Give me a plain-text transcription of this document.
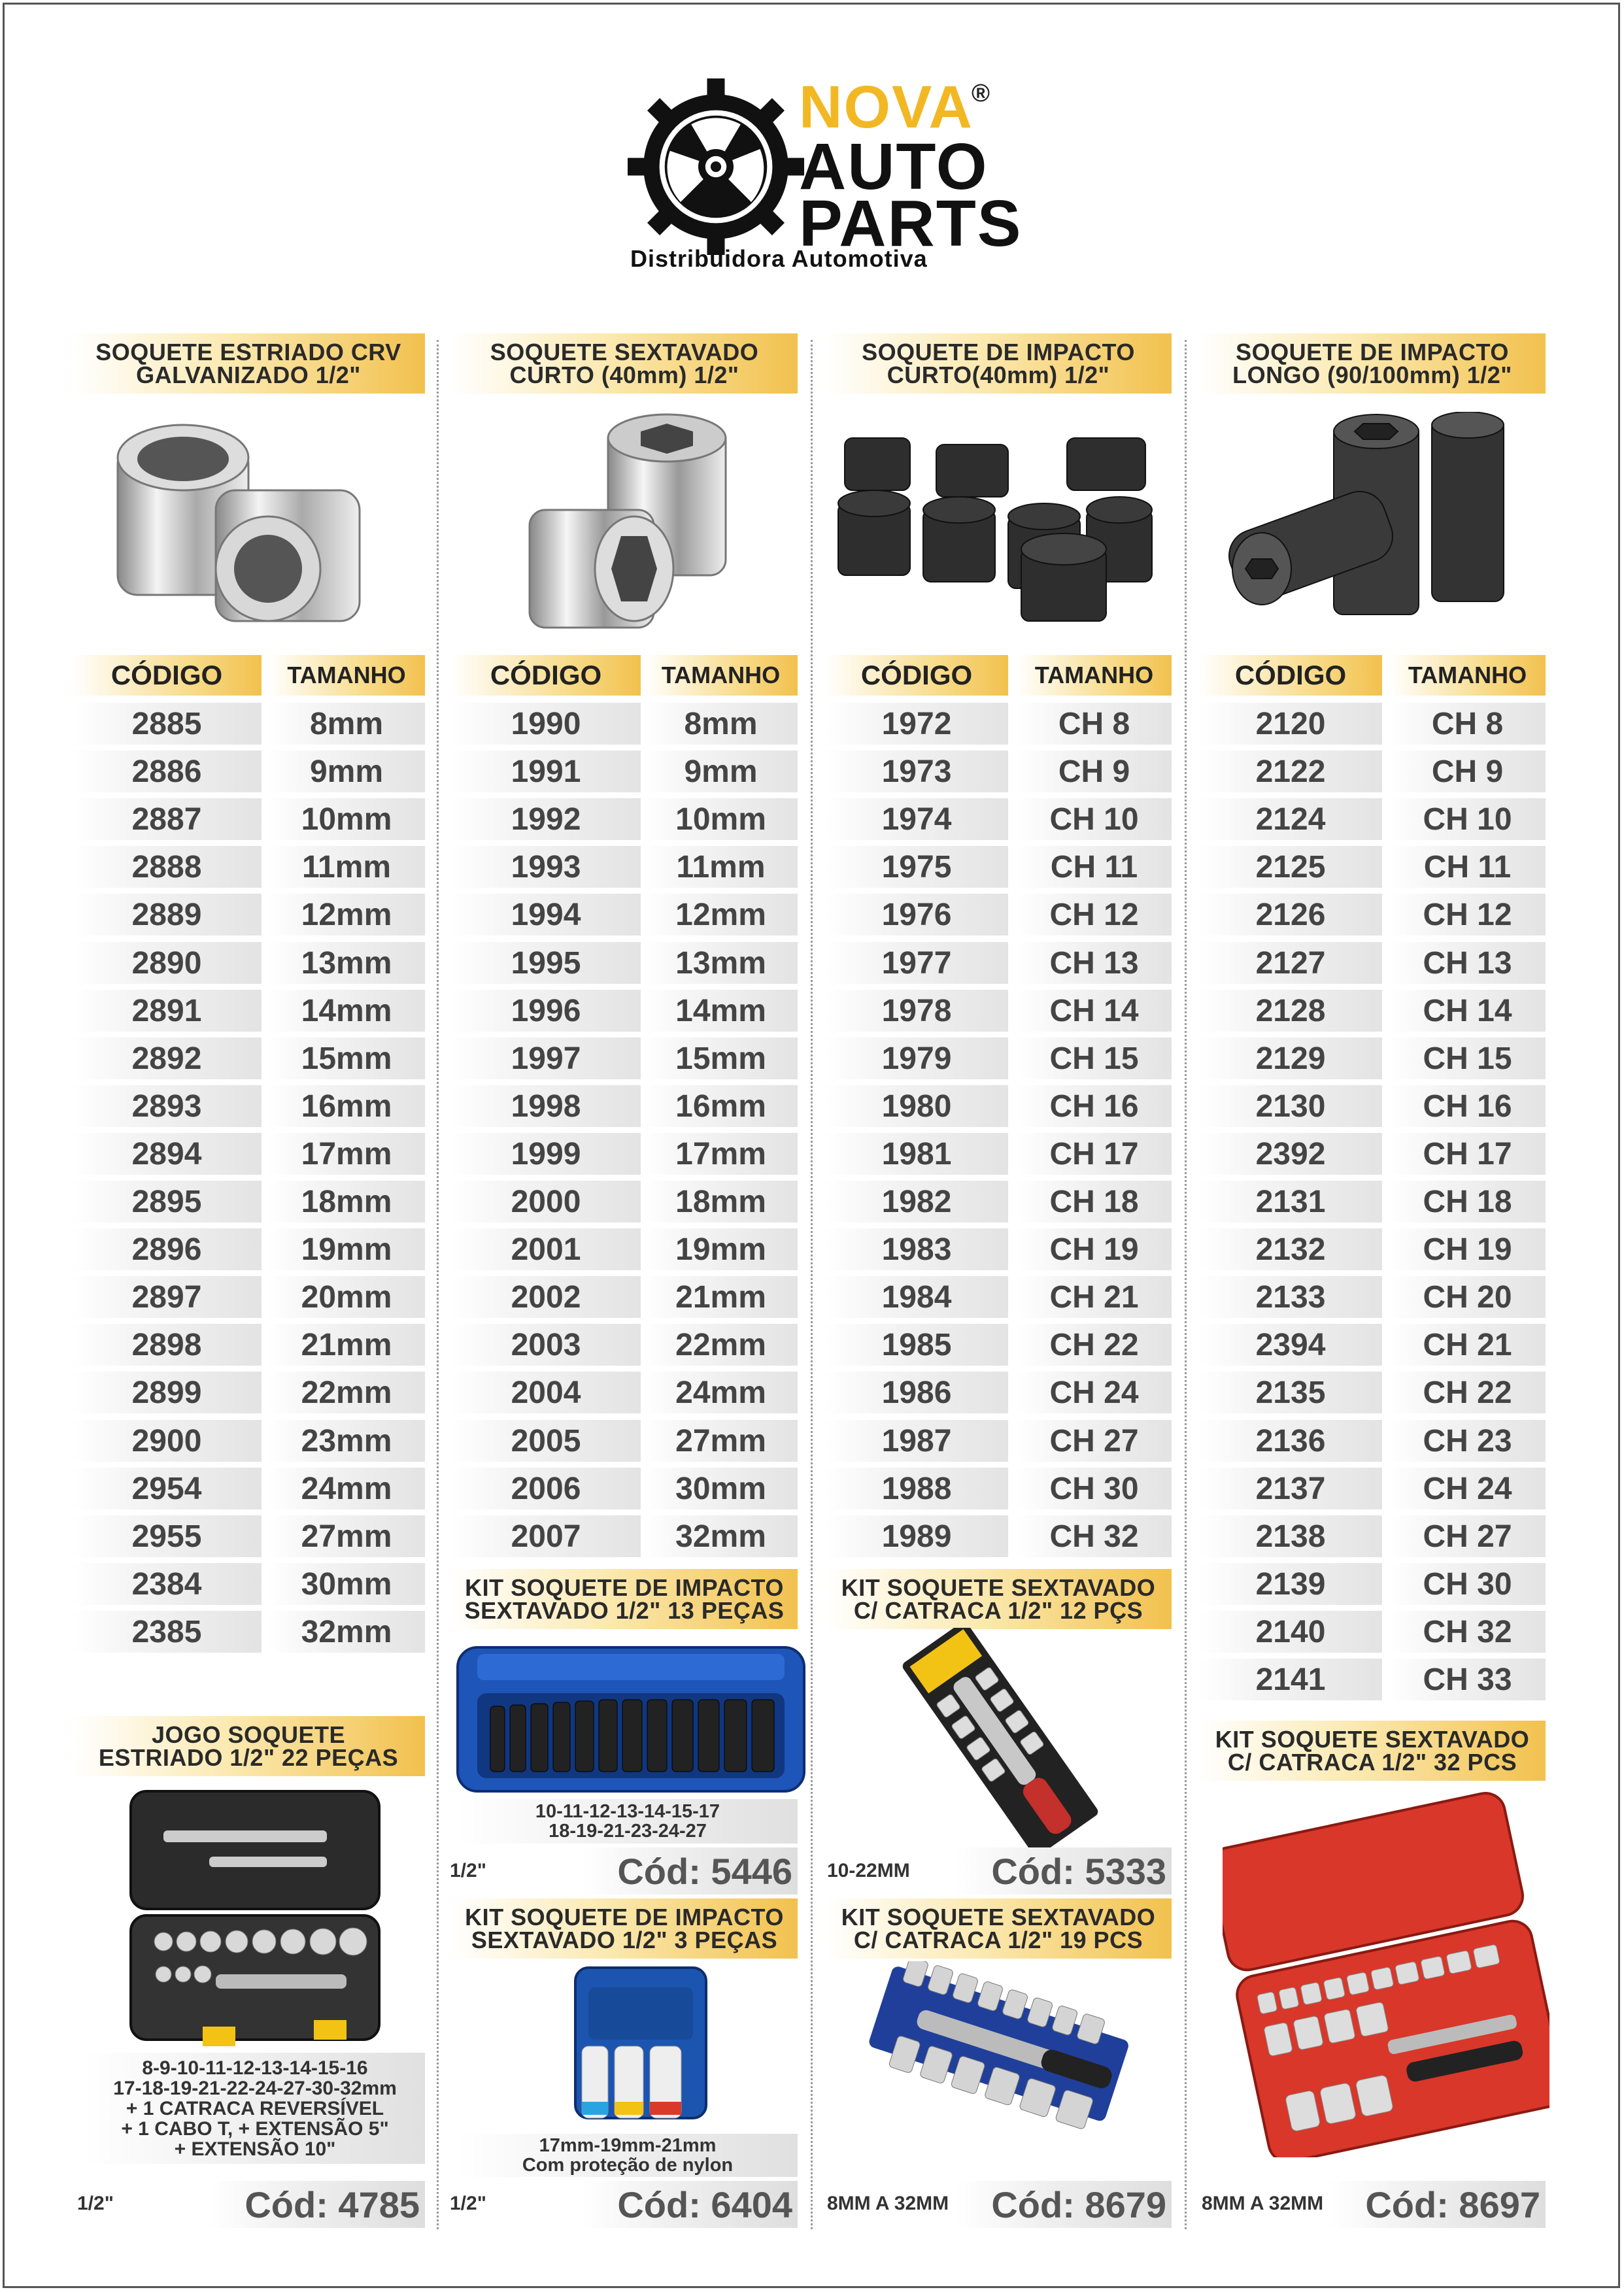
NOVA
®
AUTO
PARTS
Distribuidora Automotiva
SOQUETE ESTRIADO CRV
GALVANIZADO 1/2"
SOQUETE SEXTAVADO
CURTO (40mm) 1/2"
SOQUETE DE IMPACTO
CURTO(40mm) 1/2"
SOQUETE DE IMPACTO
LONGO (90/100mm) 1/2"
CÓDIGO	TAMANHO	CÓDIGO	TAMANHO	CÓDIGO	TAMANHO	CÓDIGO	TAMANHO
2885	8mm
2886	9mm
2887	10mm
2888	11mm
2889	12mm
2890	13mm
2891	14mm
2892	15mm
2893	16mm
2894	17mm
2895	18mm
2896	19mm
2897	20mm
2898	21mm
2899	22mm
2900	23mm
2954	24mm
2955	27mm
2384	30mm
2385	32mm
1990	8mm
1991	9mm
1992	10mm
1993	11mm
1994	12mm
1995	13mm
1996	14mm
1997	15mm
1998	16mm
1999	17mm
2000	18mm
2001	19mm
2002	21mm
2003	22mm
2004	24mm
2005	27mm
2006	30mm
2007	32mm
1972	CH 8
1973	CH 9
1974	CH 10
1975	CH 11
1976	CH 12
1977	CH 13
1978	CH 14
1979	CH 15
1980	CH 16
1981	CH 17
1982	CH 18
1983	CH 19
1984	CH 21
1985	CH 22
1986	CH 24
1987	CH 27
1988	CH 30
1989	CH 32
2120	CH 8
2122	CH 9
2124	CH 10
2125	CH 11
2126	CH 12
2127	CH 13
2128	CH 14
2129	CH 15
2130	CH 16
2392	CH 17
2131	CH 18
2132	CH 19
2133	CH 20
2394	CH 21
2135	CH 22
2136	CH 23
2137	CH 24
2138	CH 27
2139	CH 30
2140	CH 32
2141	CH 33
JOGO SOQUETE
ESTRIADO 1/2" 22 PEÇAS
8-9-10-11-12-13-14-15-16
17-18-19-21-22-24-27-30-32mm
+ 1 CATRACA REVERSÍVEL
+ 1 CABO T, + EXTENSÃO 5"
+ EXTENSÃO 10"
1/2"	Cód: 4785
KIT SOQUETE DE IMPACTO
SEXTAVADO 1/2" 13 PEÇAS
10-11-12-13-14-15-17
18-19-21-23-24-27
1/2"	Cód: 5446
KIT SOQUETE DE IMPACTO
SEXTAVADO 1/2" 3 PEÇAS
17mm-19mm-21mm
Com proteção de nylon
1/2"	Cód: 6404
KIT SOQUETE SEXTAVADO
C/ CATRACA 1/2" 12 PÇS
10-22MM	Cód: 5333
KIT SOQUETE SEXTAVADO
C/ CATRACA 1/2" 19 PCS
8MM A 32MM	Cód: 8679
KIT SOQUETE SEXTAVADO
C/ CATRACA 1/2" 32 PCS
8MM A 32MM	Cód: 8697
